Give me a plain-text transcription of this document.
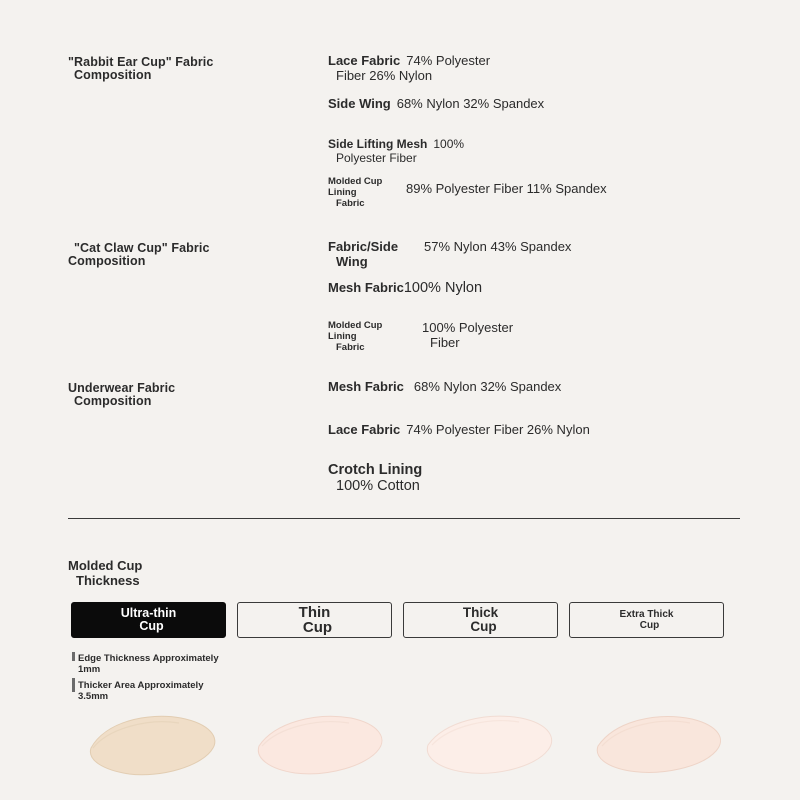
"Rabbit Ear Cup" Fabric
Composition
Lace Fabric 74% Polyester
Fiber 26% Nylon
Side Wing 68% Nylon 32% Spandex
Side Lifting Mesh 100%
Polyester Fiber
Molded Cup Lining
Fabric
89% Polyester Fiber 11% Spandex
"Cat Claw Cup" Fabric
Composition
Fabric/Side
Wing
57% Nylon 43% Spandex
Mesh Fabric 100% Nylon
Molded Cup Lining
Fabric
100% Polyester
Fiber
Underwear Fabric
Composition
Mesh Fabric 68% Nylon 32% Spandex
Lace Fabric 74% Polyester Fiber 26% Nylon
Crotch Lining
100% Cotton
Molded Cup
Thickness
Ultra-thin
Cup
Thin
Cup
Thick
Cup
Extra Thick
Cup
Edge Thickness Approximately
1mm
Thicker Area Approximately
3.5mm
